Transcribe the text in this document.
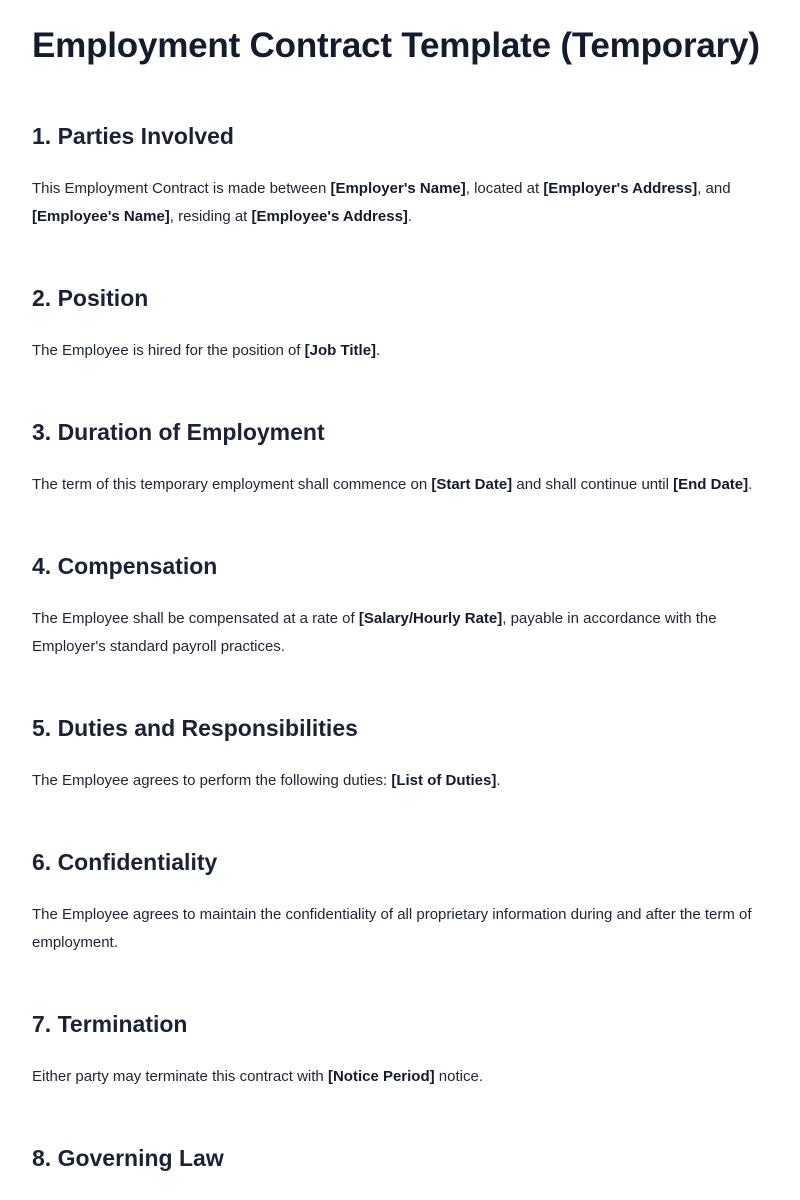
Employment Contract Template (Temporary)
1. Parties Involved

This Employment Contract is made between [Employer's Name], located at [Employer's Address], and [Employee's Name], residing at [Employee's Address].

2. Position

The Employee is hired for the position of [Job Title].

3. Duration of Employment

The term of this temporary employment shall commence on [Start Date] and shall continue until [End Date].

4. Compensation

The Employee shall be compensated at a rate of [Salary/Hourly Rate], payable in accordance with the Employer's standard payroll practices.

5. Duties and Responsibilities

The Employee agrees to perform the following duties: [List of Duties].

6. Confidentiality

The Employee agrees to maintain the confidentiality of all proprietary information during and after the term of employment.

7. Termination

Either party may terminate this contract with [Notice Period] notice.

8. Governing Law
